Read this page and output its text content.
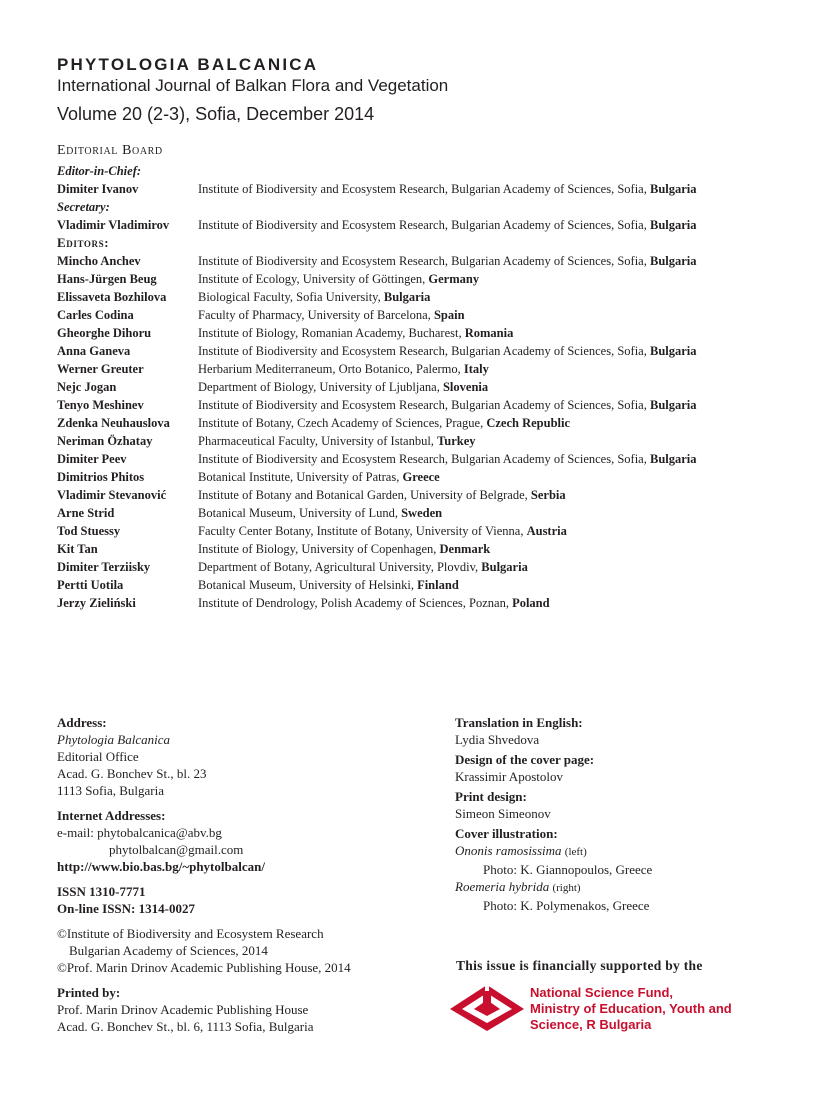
PHYTOLOGIA BALCANICA
International Journal of Balkan Flora and Vegetation
Volume 20 (2-3), Sofia, December 2014
Editorial Board
Editor-in-Chief:
Dimiter Ivanov	Institute of Biodiversity and Ecosystem Research, Bulgarian Academy of Sciences, Sofia, Bulgaria
Secretary:
Vladimir Vladimirov	Institute of Biodiversity and Ecosystem Research, Bulgarian Academy of Sciences, Sofia, Bulgaria
Editors:
Mincho Anchev	Institute of Biodiversity and Ecosystem Research, Bulgarian Academy of Sciences, Sofia, Bulgaria
Hans-Jürgen Beug	Institute of Ecology, University of Göttingen, Germany
Elissaveta Bozhilova	Biological Faculty, Sofia University, Bulgaria
Carles Codina	Faculty of Pharmacy, University of Barcelona, Spain
Gheorghe Dihoru	Institute of Biology, Romanian Academy, Bucharest, Romania
Anna Ganeva	Institute of Biodiversity and Ecosystem Research, Bulgarian Academy of Sciences, Sofia, Bulgaria
Werner Greuter	Herbarium Mediterraneum, Orto Botanico, Palermo, Italy
Nejc Jogan	Department of Biology, University of Ljubljana, Slovenia
Tenyo Meshinev	Institute of Biodiversity and Ecosystem Research, Bulgarian Academy of Sciences, Sofia, Bulgaria
Zdenka Neuhauslova	Institute of Botany, Czech Academy of Sciences, Prague, Czech Republic
Neriman Özhatay	Pharmaceutical Faculty, University of Istanbul, Turkey
Dimiter Peev	Institute of Biodiversity and Ecosystem Research, Bulgarian Academy of Sciences, Sofia, Bulgaria
Dimitrios Phitos	Botanical Institute, University of Patras, Greece
Vladimir Stevanović	Institute of Botany and Botanical Garden, University of Belgrade, Serbia
Arne Strid	Botanical Museum, University of Lund, Sweden
Tod Stuessy	Faculty Center Botany, Institute of Botany, University of Vienna, Austria
Kit Tan	Institute of Biology, University of Copenhagen, Denmark
Dimiter Terziisky	Department of Botany, Agricultural University, Plovdiv, Bulgaria
Pertti Uotila	Botanical Museum, University of Helsinki, Finland
Jerzy Zieliński	Institute of Dendrology, Polish Academy of Sciences, Poznan, Poland
Address:
Phytologia Balcanica
Editorial Office
Acad. G. Bonchev St., bl. 23
1113 Sofia, Bulgaria
Internet Addresses:
e-mail: phytobalcanica@abv.bg
phytolbalcan@gmail.com
http://www.bio.bas.bg/~phytolbalcan/
ISSN 1310-7771
On-line ISSN: 1314-0027
©Institute of Biodiversity and Ecosystem Research
Bulgarian Academy of Sciences, 2014
©Prof. Marin Drinov Academic Publishing House, 2014
Printed by:
Prof. Marin Drinov Academic Publishing House
Acad. G. Bonchev St., bl. 6, 1113 Sofia, Bulgaria
Translation in English:
Lydia Shvedova
Design of the cover page:
Krassimir Apostolov
Print design:
Simeon Simeonov
Cover illustration:
Ononis ramosissima (left)
Photo: K. Giannopoulos, Greece
Roemeria hybrida (right)
Photo: K. Polymenakos, Greece
This issue is financially supported by the
National Science Fund,
Ministry of Education, Youth and
Science, R Bulgaria
